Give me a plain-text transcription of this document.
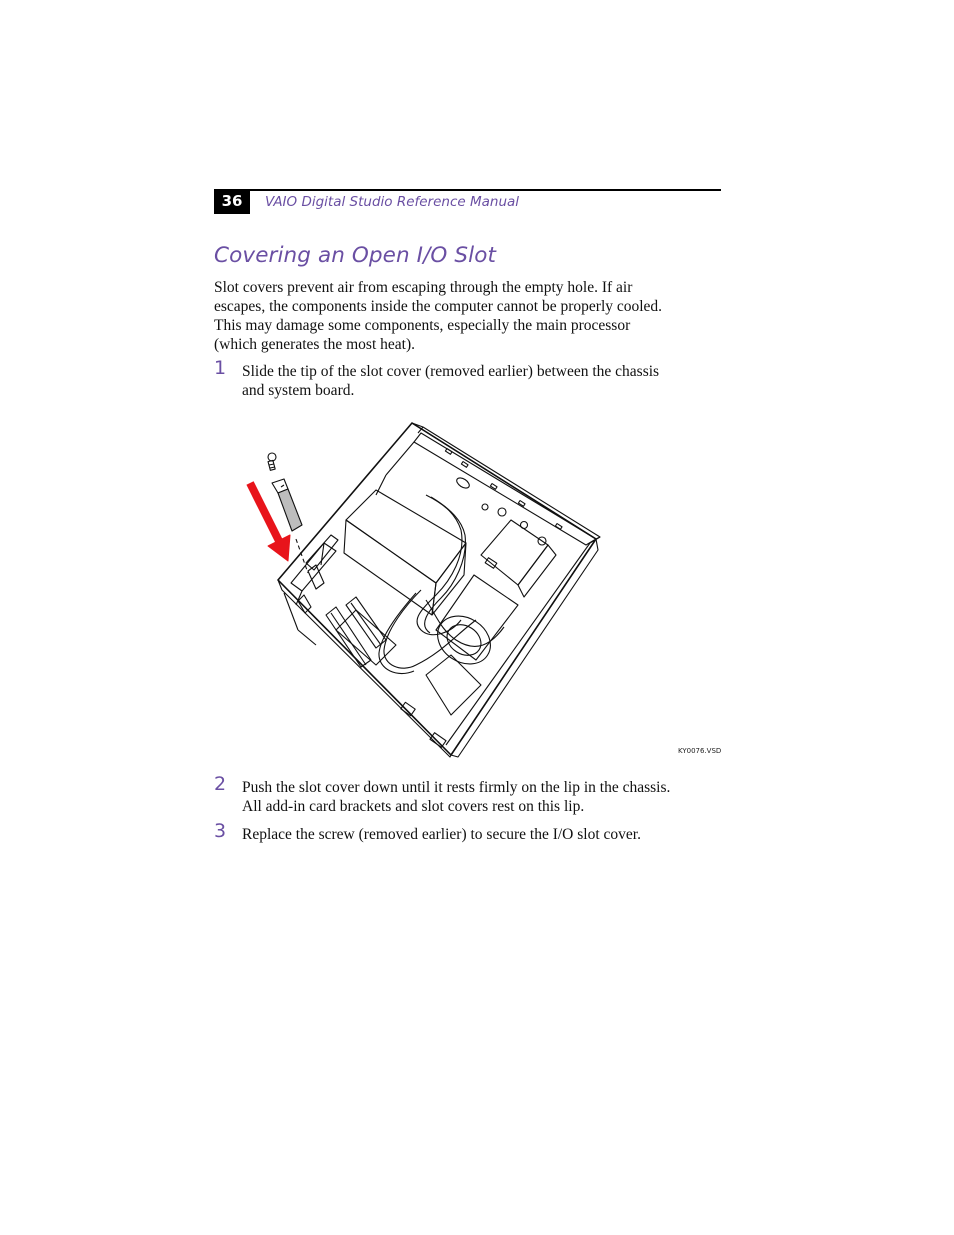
36	VAIO Digital Studio Reference Manual
Covering an Open I/O Slot
Slot covers prevent air from escaping through the empty hole. If air
escapes, the components inside the computer cannot be properly cooled.
This may damage some components, especially the main processor
(which generates the most heat).
1 Slide the tip of the slot cover (removed earlier) between the chassis
and system board.
KY0076.VSD
2 Push the slot cover down until it rests firmly on the lip in the chassis.
All add-in card brackets and slot covers rest on this lip.
3 Replace the screw (removed earlier) to secure the I/O slot cover.
